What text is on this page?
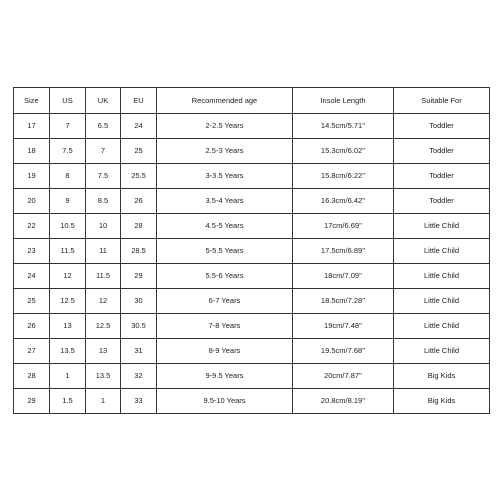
Size	US	UK	EU	Recommended age	Insole Length	Suitable For
17	7	6.5	24	2-2.5 Years	14.5cm/5.71''	Toddler
18	7.5	7	25	2.5-3 Years	15.3cm/6.02''	Toddler
19	8	7.5	25.5	3-3.5 Years	15.8cm/6.22''	Toddler
20	9	8.5	26	3.5-4 Years	16.3cm/6.42''	Toddler
22	10.5	10	28	4.5-5 Years	17cm/6.69''	Little Child
23	11.5	11	28.5	5-5.5 Years	17.5cm/6.89''	Little Child
24	12	11.5	29	5.5-6 Years	18cm/7.09''	Little Child
25	12.5	12	30	6-7 Years	18.5cm/7.28''	Little Child
26	13	12.5	30.5	7-8 Years	19cm/7.48''	Little Child
27	13.5	13	31	8-9 Years	19.5cm/7.68''	Little Child
28	1	13.5	32	9-9.5 Years	20cm/7.87''	Big Kids
29	1.5	1	33	9.5-10 Years	20.8cm/8.19''	Big Kids
